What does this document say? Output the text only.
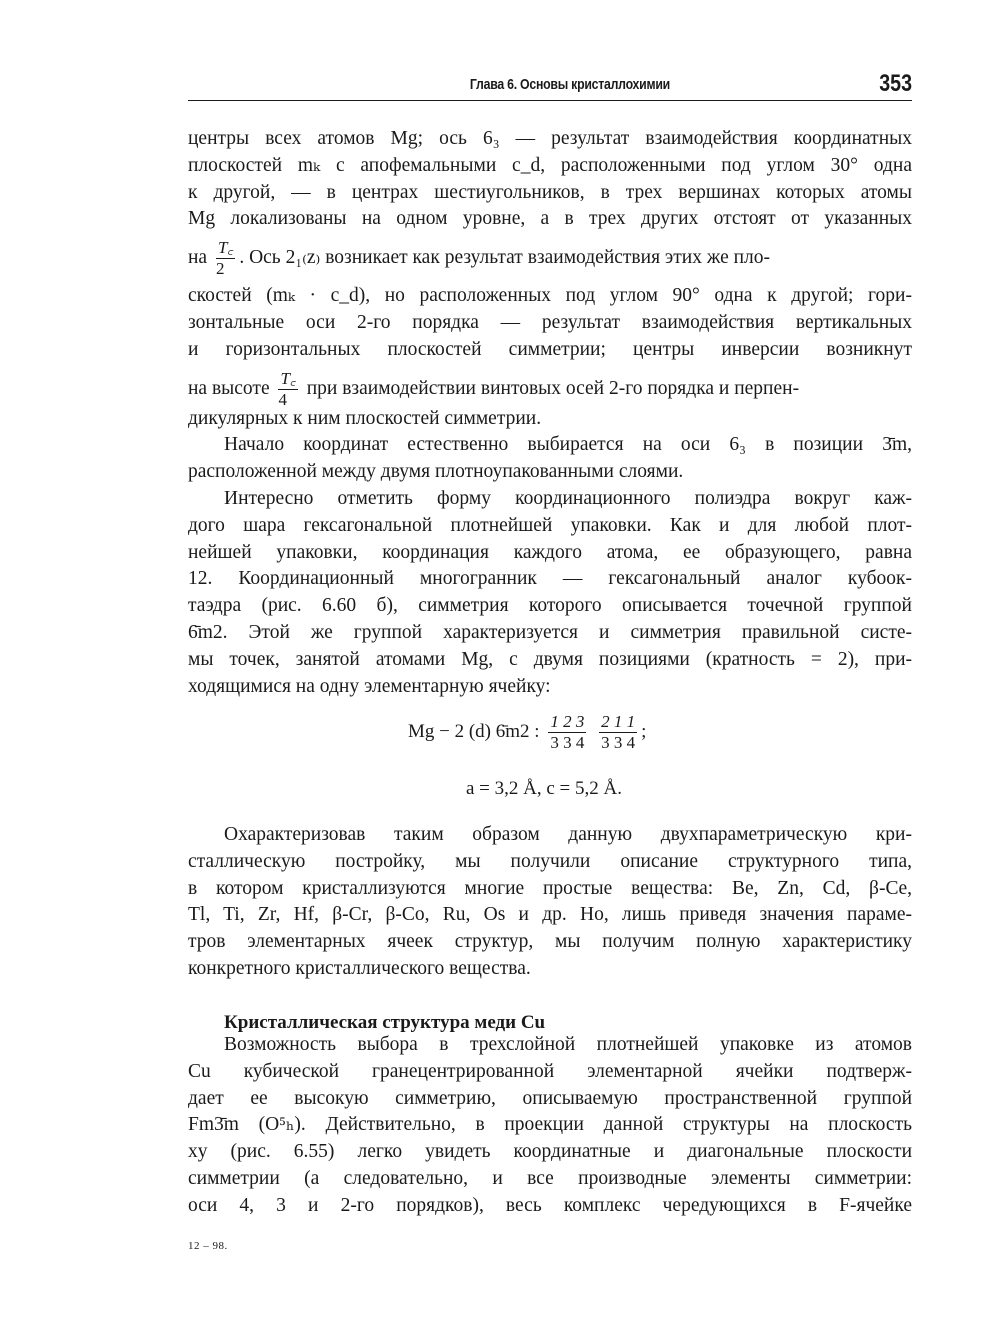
Глава 6. Основы кристаллохимии	353
центры всех атомов Mg; ось 6₃ — результат взаимодействия координатных
плоскостей mₖ с апофемальными c_d, расположенными под углом 30° одна
к другой, — в центрах шестиугольников, в трех вершинах которых атомы
Mg локализованы на одном уровне, а в трех других отстоят от указанных
на $\frac{T꜀}{2}$ . Ось 2₁₍z₎ возникает как результат взаимодействия этих же пло-
скостей (mₖ · c_d), но расположенных под углом 90° одна к другой; гори-
зонтальные оси 2-го порядка — результат взаимодействия вертикальных
и горизонтальных плоскостей симметрии; центры инверсии возникнут
на высоте $\frac{T꜀}{4}$ при взаимодействии винтовых осей 2-го порядка и перпен-
дикулярных к ним плоскостей симметрии.
Начало координат естественно выбирается на оси 6₃ в позиции 3̄m,
расположенной между двумя плотноупакованными слоями.
Интересно отметить форму координационного полиэдра вокруг каж-
дого шара гексагональной плотнейшей упаковки. Как и для любой плот-
нейшей упаковки, координация каждого атома, ее образующего, равна
12. Координационный многогранник — гексагональный аналог кубоок-
таэдра (рис. 6.60 б), симметрия которого описывается точечной группой
6̄m2. Этой же группой характеризуется и симметрия правильной систе-
мы точек, занятой атомами Mg, с двумя позициями (кратность = 2), при-
ходящимися на одну элементарную ячейку:
Mg − 2 (d) 6̄m2 : $\frac{1 2 3}{3 3 4}$
$\frac{2 1 1}{3 3 4}$ ;
a = 3,2 Å, c = 5,2 Å.
Охарактеризовав таким образом данную двухпараметрическую кри-
сталлическую постройку, мы получили описание структурного типа,
в котором кристаллизуются многие простые вещества: Be, Zn, Cd, β-Ce,
Tl, Ti, Zr, Hf, β-Cr, β-Co, Ru, Os и др. Но, лишь приведя значения параме-
тров элементарных ячеек структур, мы получим полную характеристику
конкретного кристаллического вещества.
Кристаллическая структура меди Cu
Возможность выбора в трехслойной плотнейшей упаковке из атомов
Cu кубической гранецентрированной элементарной ячейки подтверж-
дает ее высокую симметрию, описываемую пространственной группой
Fm3̄m (O⁵ₕ). Действительно, в проекции данной структуры на плоскость
xy (рис. 6.55) легко увидеть координатные и диагональные плоскости
симметрии (а следовательно, и все производные элементы симметрии:
оси 4, 3 и 2-го порядков), весь комплекс чередующихся в F-ячейке
12 – 98.
